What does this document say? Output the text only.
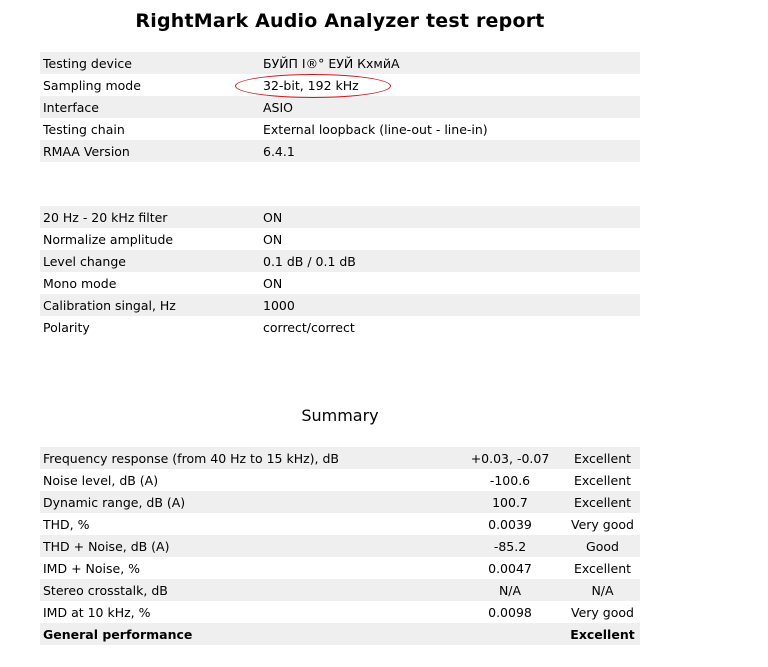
RightMark Audio Analyzer test report
Testing device	БУЙП I®° ЕУЙ КхмйА
Sampling mode	32-bit, 192 kHz
Interface	ASIO
Testing chain	External loopback (line-out - line-in)
RMAA Version	6.4.1
20 Hz - 20 kHz filter	ON
Normalize amplitude	ON
Level change	0.1 dB / 0.1 dB
Mono mode	ON
Calibration singal, Hz	1000
Polarity	correct/correct
Summary
Frequency response (from 40 Hz to 15 kHz), dB	+0.03, -0.07	Excellent
Noise level, dB (A)	-100.6	Excellent
Dynamic range, dB (A)	100.7	Excellent
THD, %	0.0039	Very good
THD + Noise, dB (A)	-85.2	Good
IMD + Noise, %	0.0047	Excellent
Stereo crosstalk, dB	N/A	N/A
IMD at 10 kHz, %	0.0098	Very good
General performance		Excellent
